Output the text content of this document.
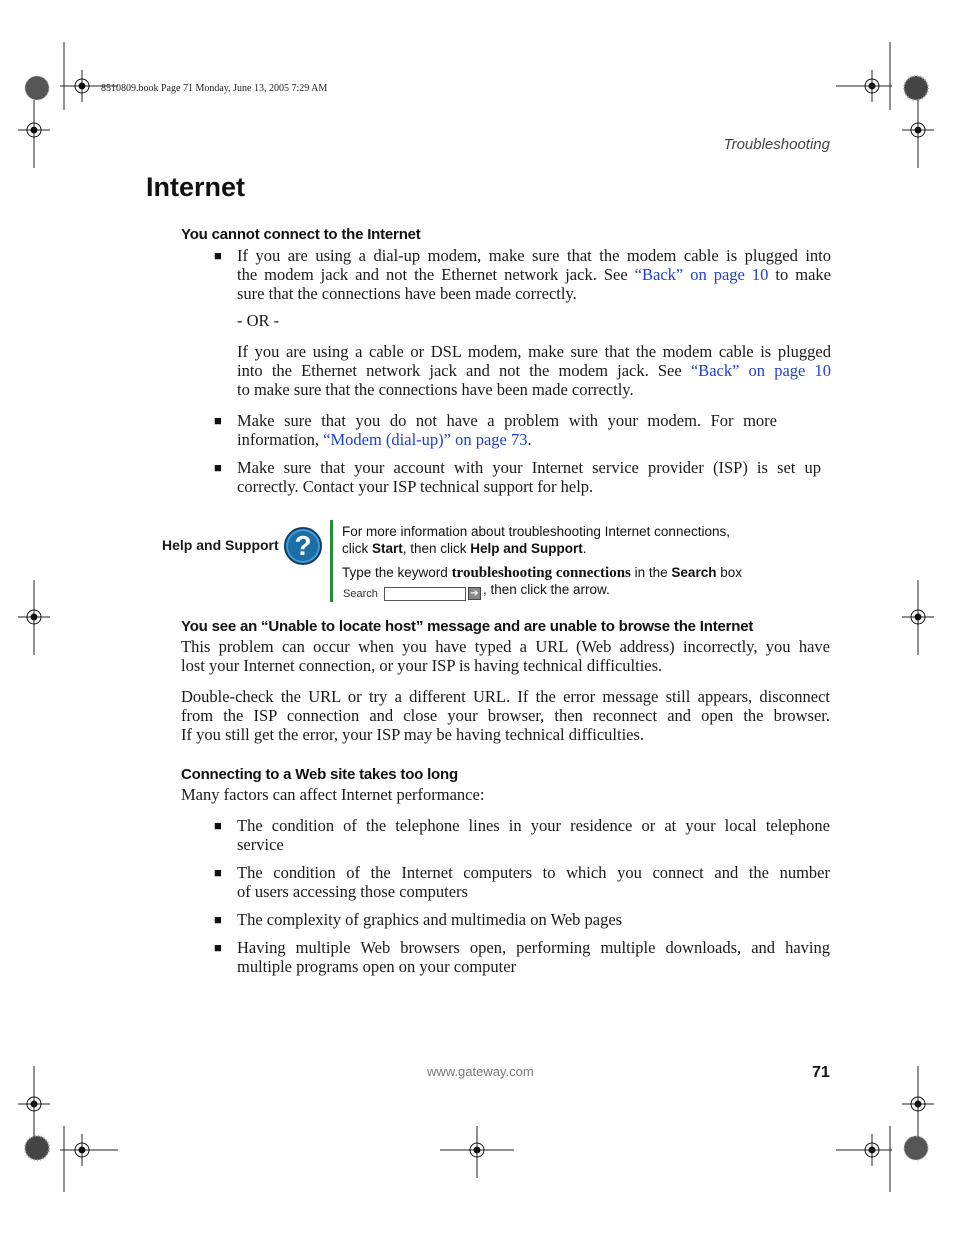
8510809.book Page 71 Monday, June 13, 2005 7:29 AM
Troubleshooting
Internet
You cannot connect to the Internet
■ If you are using a dial-up modem, make sure that the modem cable is plugged into
the modem jack and not the Ethernet network jack. See “Back” on page 10 to make
sure that the connections have been made correctly.
- OR -
If you are using a cable or DSL modem, make sure that the modem cable is plugged
into the Ethernet network jack and not the modem jack. See “Back” on page 10
to make sure that the connections have been made correctly.
■ Make sure that you do not have a problem with your modem. For more
information, “Modem (dial-up)” on page 73.
■ Make sure that your account with your Internet service provider (ISP) is set up
correctly. Contact your ISP technical support for help.
Help and Support ?	For more information about troubleshooting Internet connections,
click Start, then click Help and Support.
Type the keyword troubleshooting connections in the Search box
Search	➔ , then click the arrow.
You see an “Unable to locate host” message and are unable to browse the Internet
This problem can occur when you have typed a URL (Web address) incorrectly, you have
lost your Internet connection, or your ISP is having technical difficulties.
Double-check the URL or try a different URL. If the error message still appears, disconnect
from the ISP connection and close your browser, then reconnect and open the browser.
If you still get the error, your ISP may be having technical difficulties.
Connecting to a Web site takes too long
Many factors can affect Internet performance:
■ The condition of the telephone lines in your residence or at your local telephone
service
■ The condition of the Internet computers to which you connect and the number
of users accessing those computers
■ The complexity of graphics and multimedia on Web pages
■ Having multiple Web browsers open, performing multiple downloads, and having
multiple programs open on your computer
www.gateway.com	71
